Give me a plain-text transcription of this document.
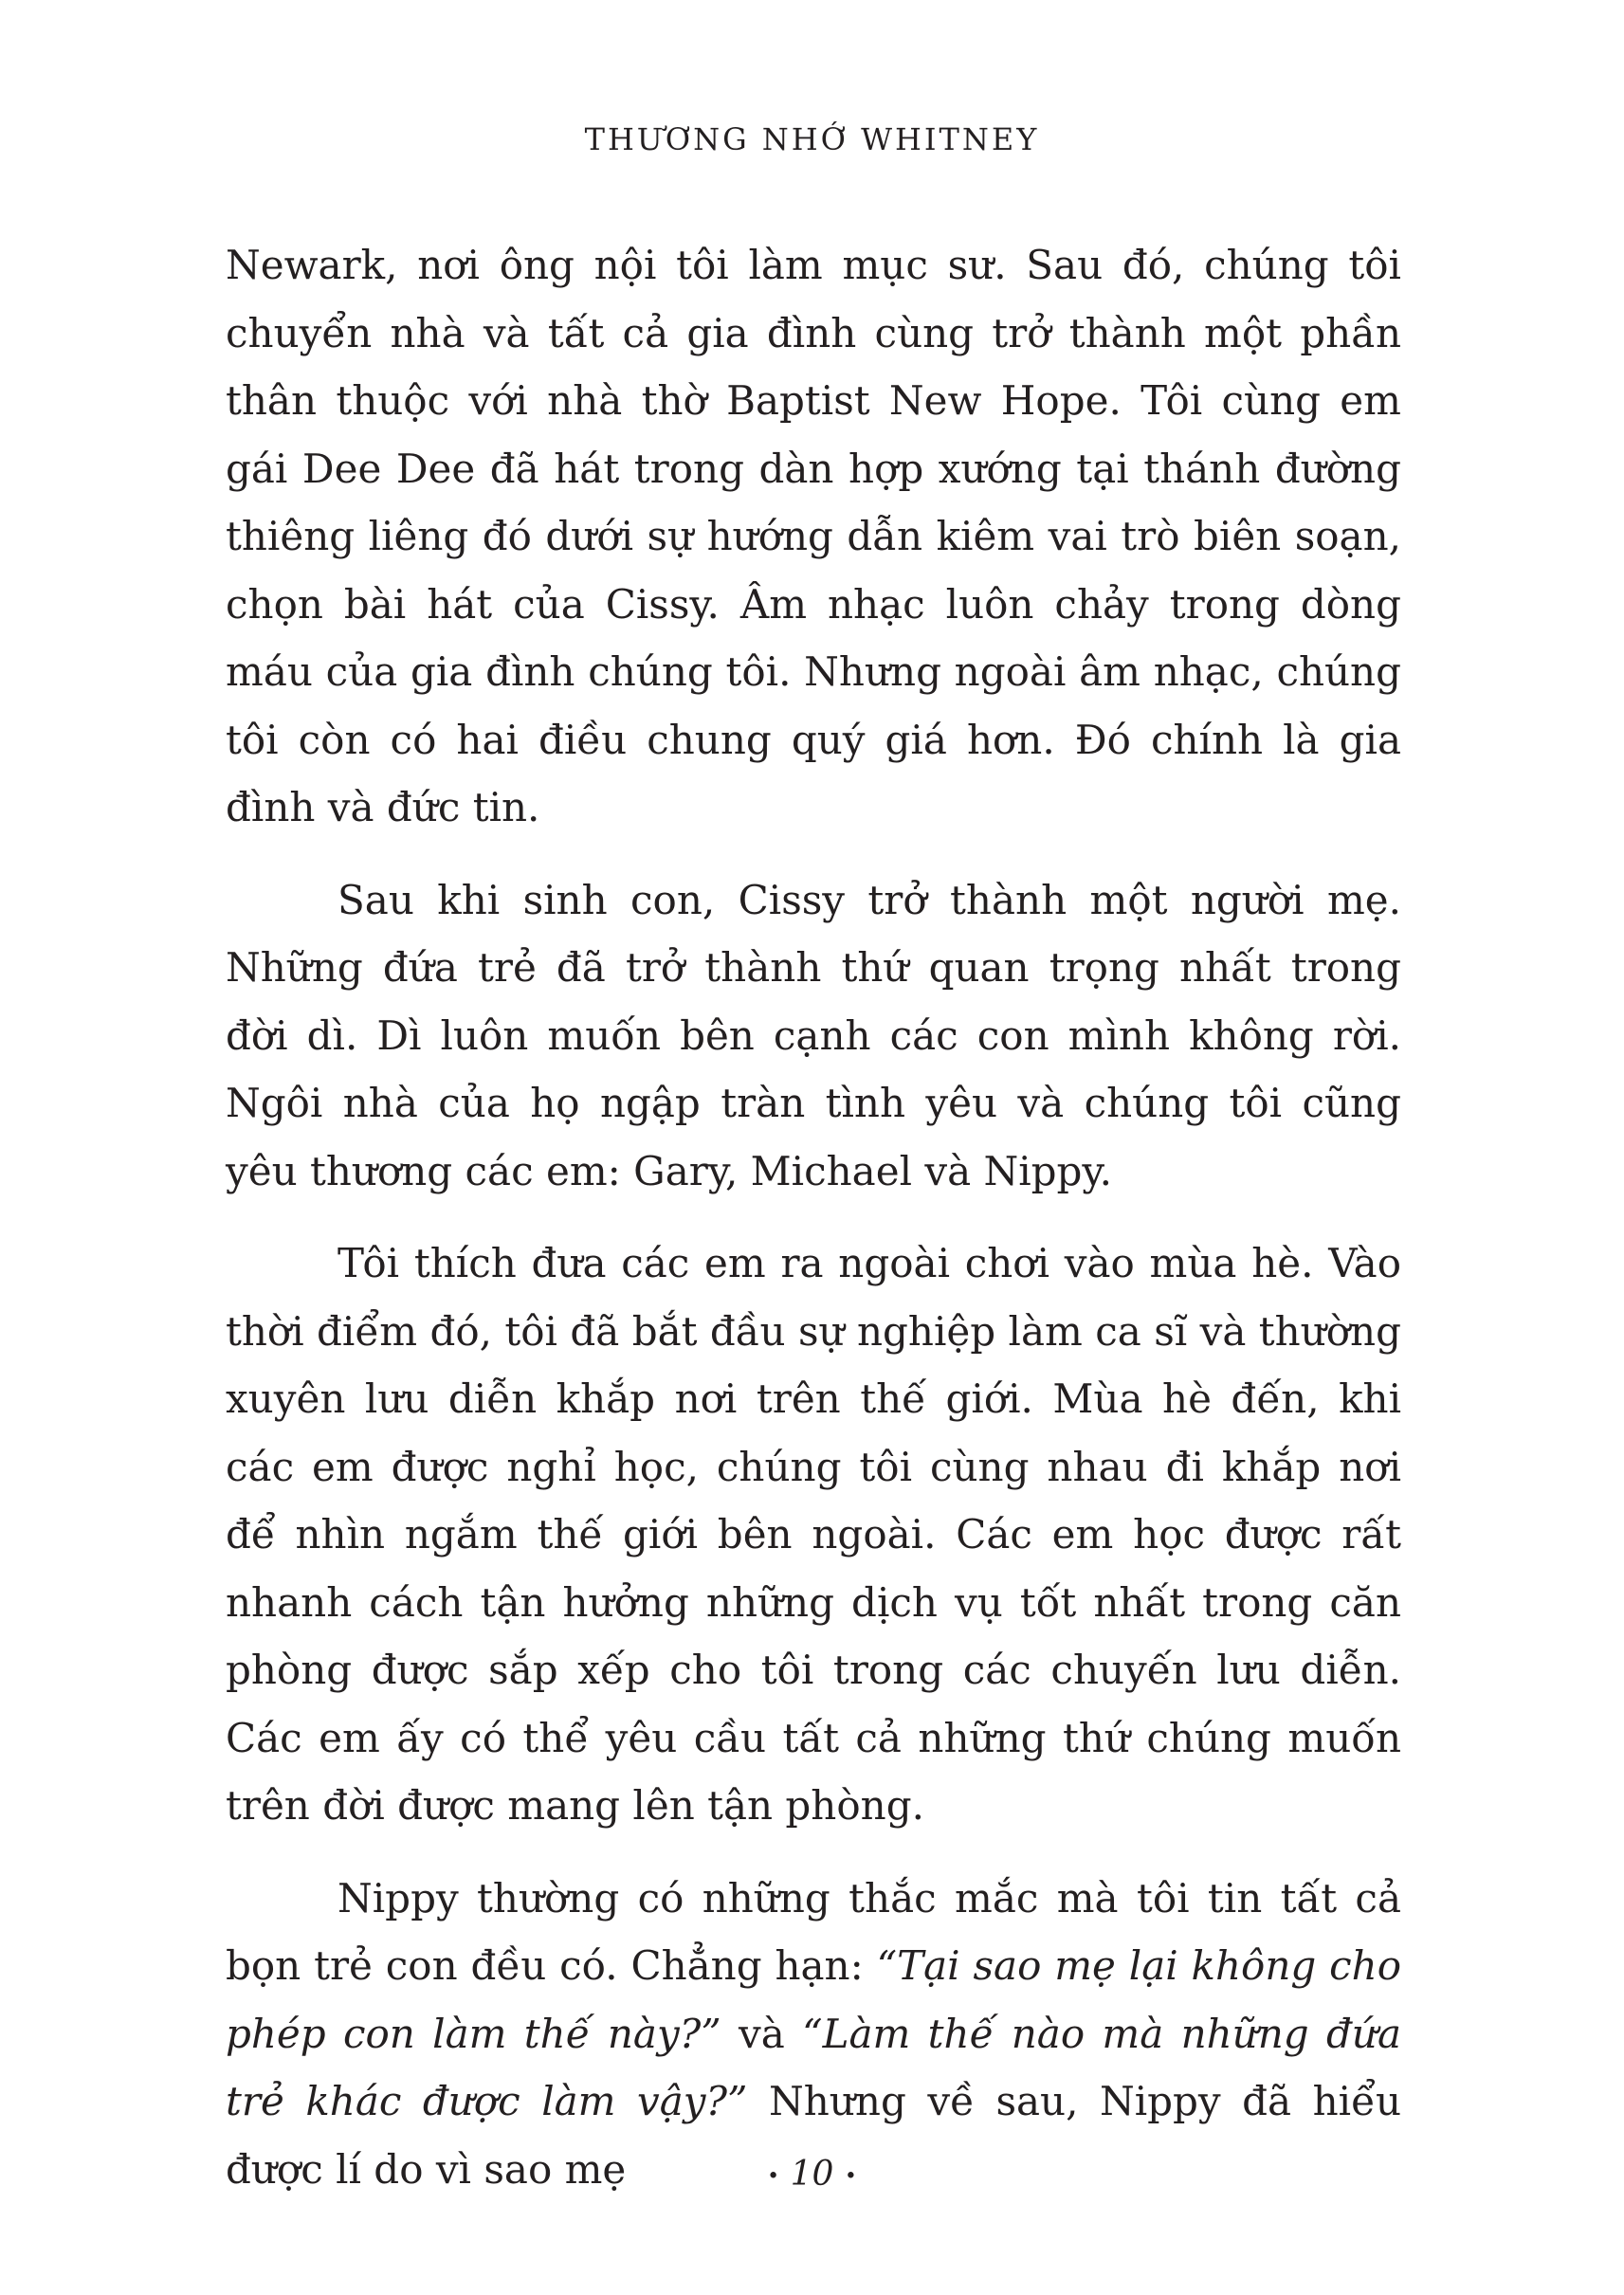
THƯƠNG NHỚ WHITNEY

Newark, nơi ông nội tôi làm mục sư. Sau đó, chúng tôi chuyển nhà và tất cả gia đình cùng trở thành một phần thân thuộc với nhà thờ Baptist New Hope. Tôi cùng em gái Dee Dee đã hát trong dàn hợp xướng tại thánh đường thiêng liêng đó dưới sự hướng dẫn kiêm vai trò biên soạn, chọn bài hát của Cissy. Âm nhạc luôn chảy trong dòng máu của gia đình chúng tôi. Nhưng ngoài âm nhạc, chúng tôi còn có hai điều chung quý giá hơn. Đó chính là gia đình và đức tin.

Sau khi sinh con, Cissy trở thành một người mẹ. Những đứa trẻ đã trở thành thứ quan trọng nhất trong đời dì. Dì luôn muốn bên cạnh các con mình không rời. Ngôi nhà của họ ngập tràn tình yêu và chúng tôi cũng yêu thương các em: Gary, Michael và Nippy.

Tôi thích đưa các em ra ngoài chơi vào mùa hè. Vào thời điểm đó, tôi đã bắt đầu sự nghiệp làm ca sĩ và thường xuyên lưu diễn khắp nơi trên thế giới. Mùa hè đến, khi các em được nghỉ học, chúng tôi cùng nhau đi khắp nơi để nhìn ngắm thế giới bên ngoài. Các em học được rất nhanh cách tận hưởng những dịch vụ tốt nhất trong căn phòng được sắp xếp cho tôi trong các chuyến lưu diễn. Các em ấy có thể yêu cầu tất cả những thứ chúng muốn trên đời được mang lên tận phòng.

Nippy thường có những thắc mắc mà tôi tin tất cả bọn trẻ con đều có. Chẳng hạn: “Tại sao mẹ lại không cho phép con làm thế này?” và “Làm thế nào mà những đứa trẻ khác được làm vậy?” Nhưng về sau, Nippy đã hiểu được lí do vì sao mẹ	• 10 •
